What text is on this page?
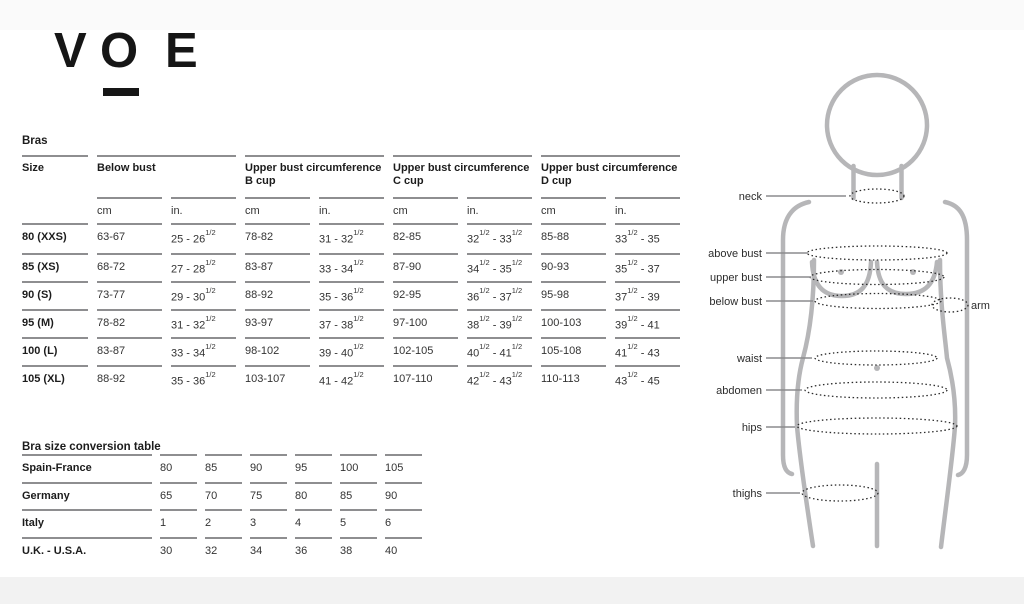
V O E
Bras
Size	Below bust	Upper bust circumference
B cup
Upper bust circumference
C cup
Upper bust circumference
D cup
cm	in.	cm	in.	cm	in.	cm	in.
80 (XXS)	63-67	$25 - 26^{1/2}$	78-82	$31 - 32^{1/2}$	82-85	$32^{1/2} - 33^{1/2}$	85-88	$33^{1/2} - 35$
85 (XS)	68-72	$27 - 28^{1/2}$	83-87	$33 - 34^{1/2}$	87-90	$34^{1/2} - 35^{1/2}$	90-93	$35^{1/2} - 37$
90 (S)	73-77	$29 - 30^{1/2}$	88-92	$35 - 36^{1/2}$	92-95	$36^{1/2} - 37^{1/2}$	95-98	$37^{1/2} - 39$
95 (M)	78-82	$31 - 32^{1/2}$	93-97	$37 - 38^{1/2}$	97-100	$38^{1/2} - 39^{1/2}$	100-103	$39^{1/2} - 41$
100 (L)	83-87	$33 - 34^{1/2}$	98-102	$39 - 40^{1/2}$	102-105	$40^{1/2} - 41^{1/2}$	105-108	$41^{1/2} - 43$
105 (XL)	88-92	$35 - 36^{1/2}$	103-107	$41 - 42^{1/2}$	107-110	$42^{1/2} - 43^{1/2}$	110-113	$43^{1/2} - 45$
Bra size conversion table
Spain-France	80	85	90	95	100	105
Germany	65	70	75	80	85	90
Italy	1	2	3	4	5	6
U.K. - U.S.A.	30	32	34	36	38	40
neck
above bust
upper bust
below bust	arm
waist
abdomen
hips
thighs
